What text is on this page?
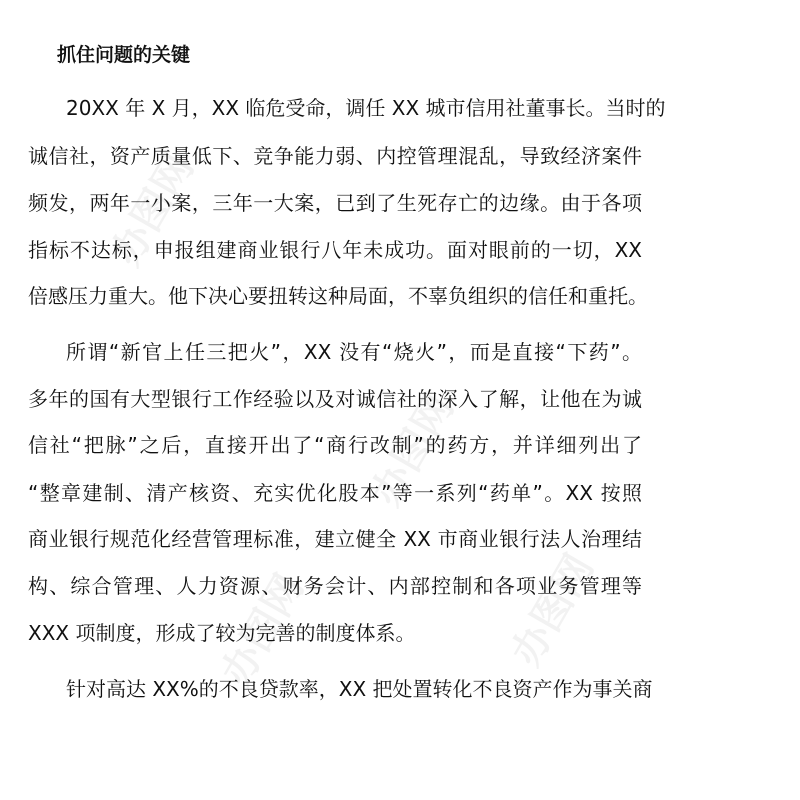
办图网
办图网
办图网
办图网
抓住问题的关键
20XX 年 X 月，XX 临危受命，调任 XX 城市信用社董事长。当时的
诚信社，资产质量低下、竞争能力弱、内控管理混乱，导致经济案件
频发，两年一小案，三年一大案，已到了生死存亡的边缘。由于各项
指标不达标，申报组建商业银行八年未成功。面对眼前的一切，XX
倍感压力重大。他下决心要扭转这种局面，不辜负组织的信任和重托。
所谓“新官上任三把火”，XX 没有“烧火”，而是直接“下药”。
多年的国有大型银行工作经验以及对诚信社的深入了解，让他在为诚
信社“把脉”之后，直接开出了“商行改制”的药方，并详细列出了
“整章建制、清产核资、充实优化股本”等一系列“药单”。XX 按照
商业银行规范化经营管理标准，建立健全 XX 市商业银行法人治理结
构、综合管理、人力资源、财务会计、内部控制和各项业务管理等
XXX 项制度，形成了较为完善的制度体系。
针对高达 XX%的不良贷款率，XX 把处置转化不良资产作为事关商
